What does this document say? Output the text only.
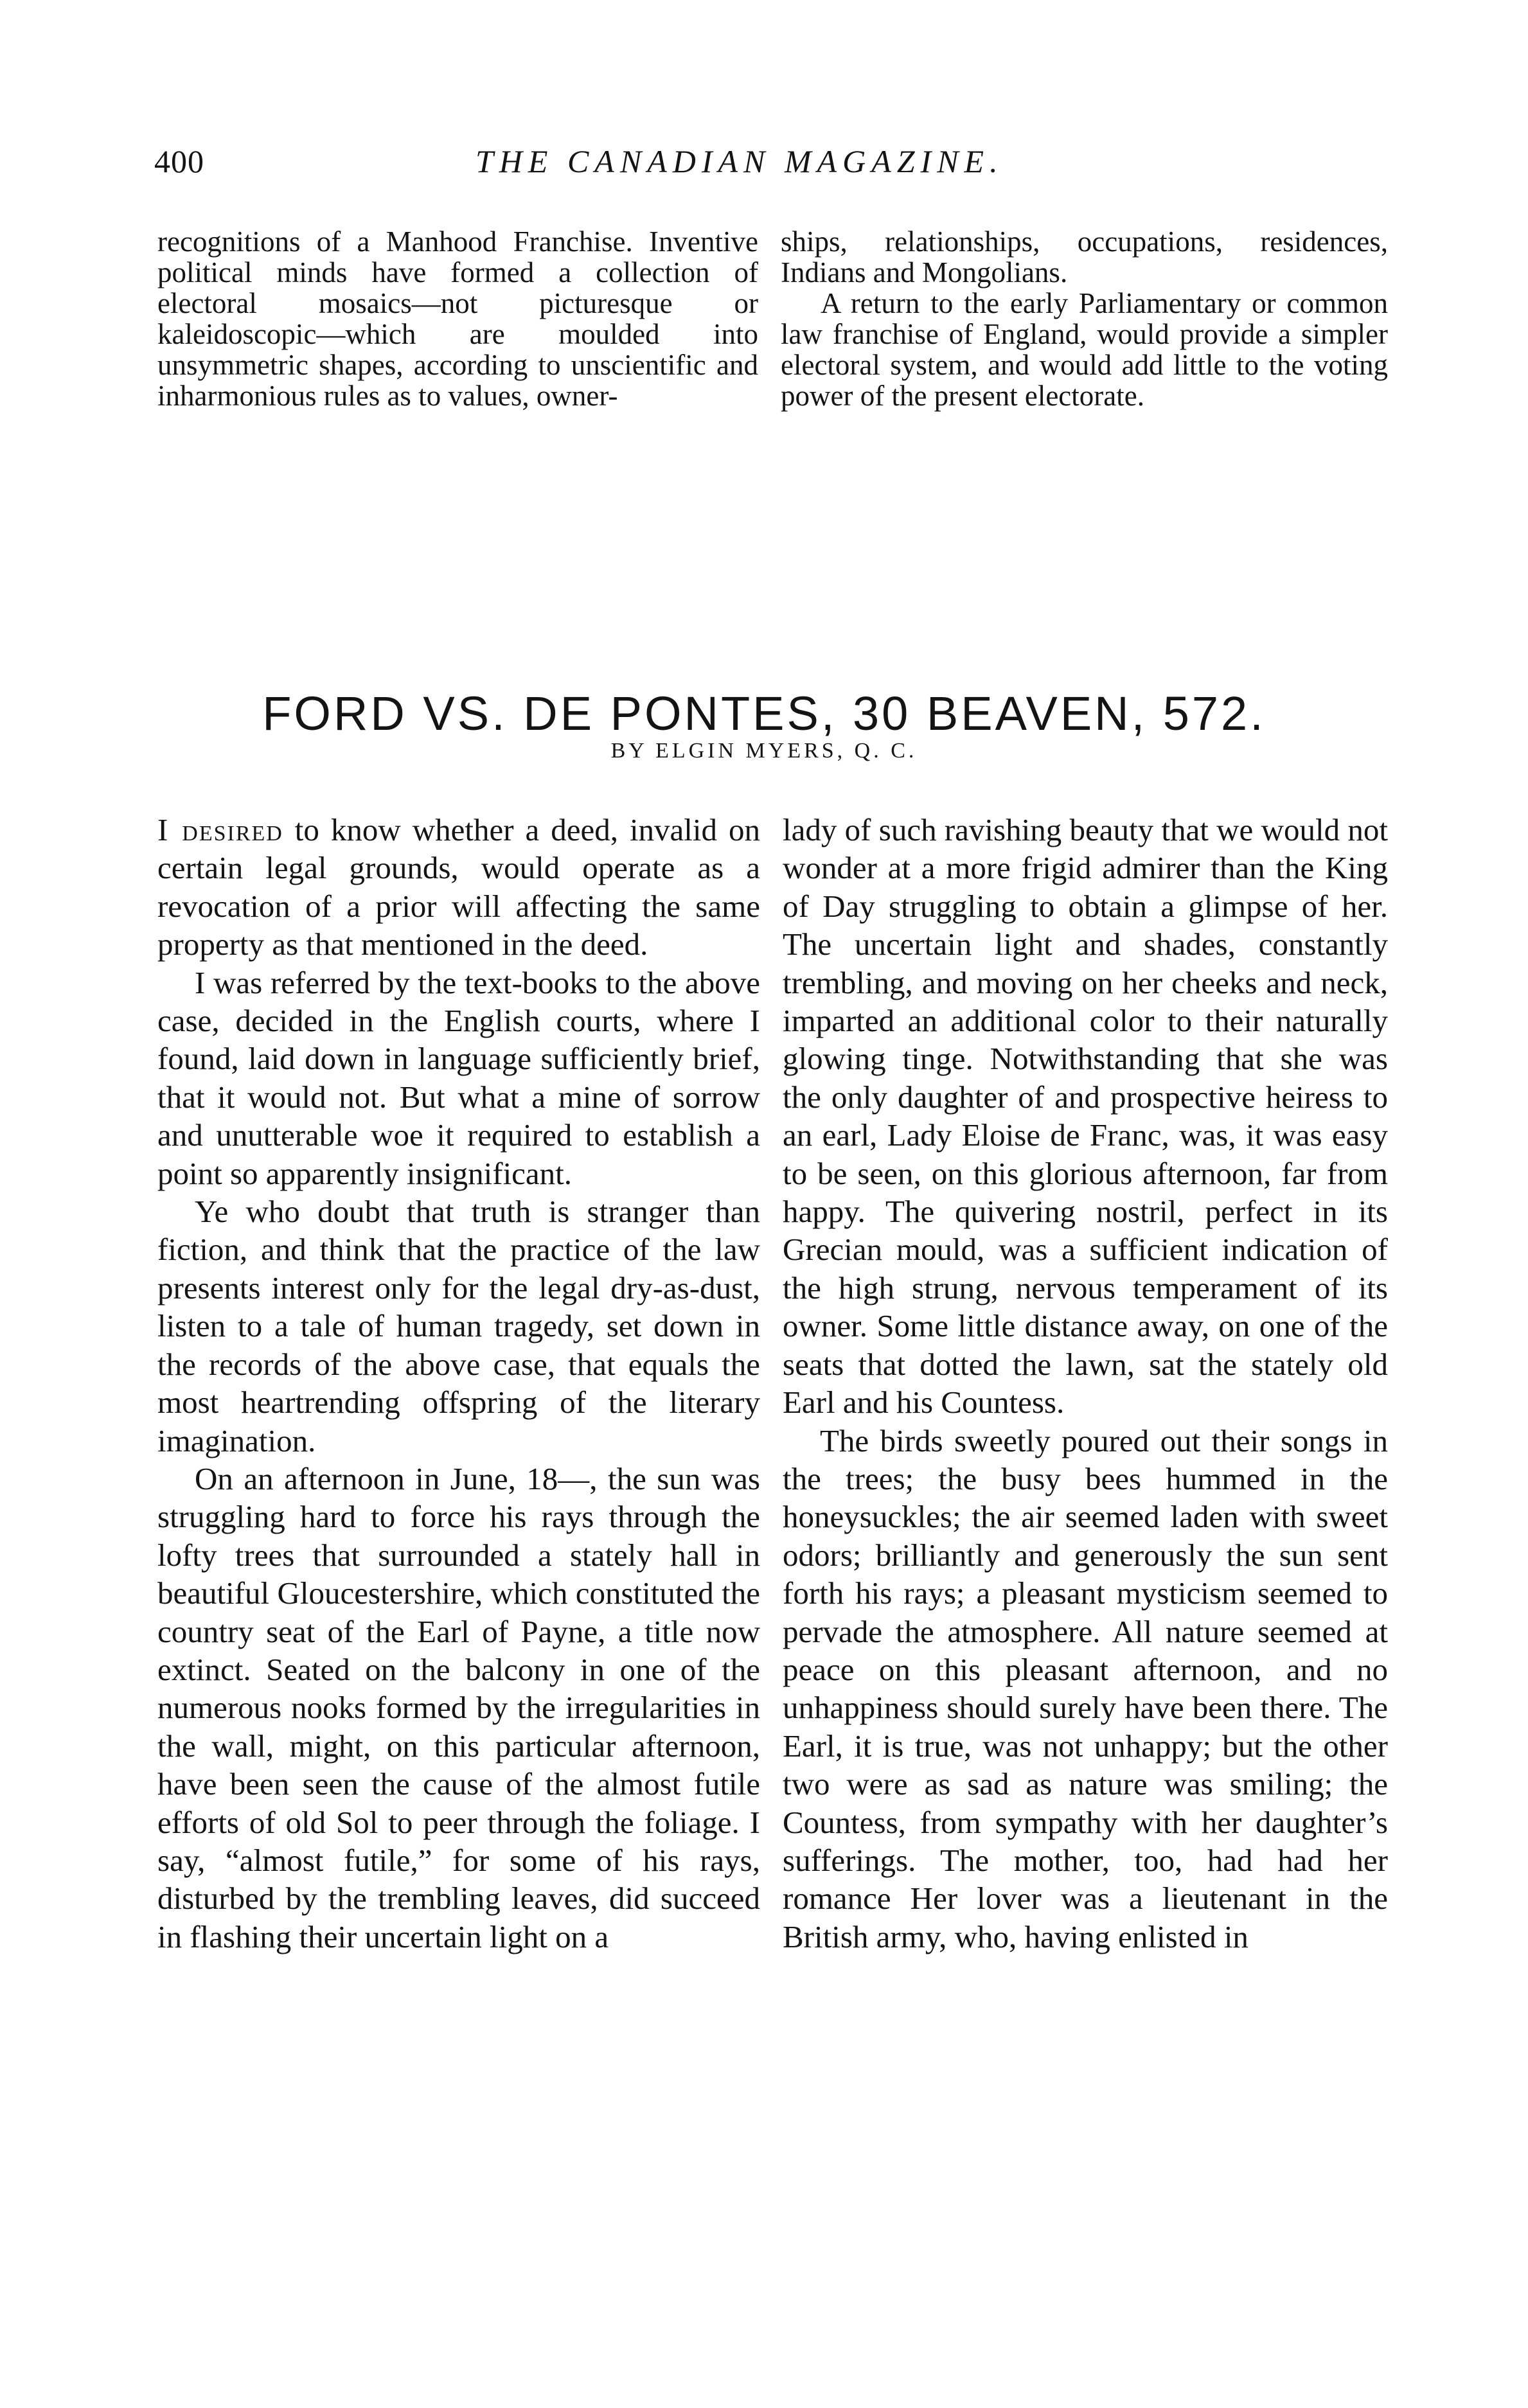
400	THE CANADIAN MAGAZINE.

recognitions of a Manhood Franchise. Inventive political minds have formed a collection of electoral mosaics—not picturesque or kaleidoscopic—which are moulded into unsymmetric shapes, according to unscientific and inharmonious rules as to values, owner-

ships, relationships, occupations, residences, Indians and Mongolians.

A return to the early Parliamentary or common law franchise of England, would provide a simpler electoral system, and would add little to the voting power of the present electorate.

FORD VS. DE PONTES, 30 BEAVEN, 572.
BY ELGIN MYERS, Q. C.

I desired to know whether a deed, invalid on certain legal grounds, would operate as a revocation of a prior will affecting the same property as that mentioned in the deed.

I was referred by the text-books to the above case, decided in the English courts, where I found, laid down in language sufficiently brief, that it would not. But what a mine of sorrow and unutterable woe it required to establish a point so apparently insignificant.

Ye who doubt that truth is stranger than fiction, and think that the practice of the law presents interest only for the legal dry-as-dust, listen to a tale of human tragedy, set down in the records of the above case, that equals the most heartrending offspring of the literary imagination.

On an afternoon in June, 18—, the sun was struggling hard to force his rays through the lofty trees that surrounded a stately hall in beautiful Gloucestershire, which constituted the country seat of the Earl of Payne, a title now extinct. Seated on the balcony in one of the numerous nooks formed by the irregularities in the wall, might, on this particular afternoon, have been seen the cause of the almost futile efforts of old Sol to peer through the foliage. I say, “almost futile,” for some of his rays, disturbed by the trembling leaves, did succeed in flashing their uncertain light on a

lady of such ravishing beauty that we would not wonder at a more frigid admirer than the King of Day struggling to obtain a glimpse of her. The uncertain light and shades, constantly trembling, and moving on her cheeks and neck, imparted an additional color to their naturally glowing tinge. Notwithstanding that she was the only daughter of and prospective heiress to an earl, Lady Eloise de Franc, was, it was easy to be seen, on this glorious afternoon, far from happy. The quivering nostril, perfect in its Grecian mould, was a sufficient indication of the high strung, nervous temperament of its owner. Some little distance away, on one of the seats that dotted the lawn, sat the stately old Earl and his Countess.

The birds sweetly poured out their songs in the trees; the busy bees hummed in the honeysuckles; the air seemed laden with sweet odors; brilliantly and generously the sun sent forth his rays; a pleasant mysticism seemed to pervade the atmosphere. All nature seemed at peace on this pleasant afternoon, and no unhappiness should surely have been there. The Earl, it is true, was not unhappy; but the other two were as sad as nature was smiling; the Countess, from sympathy with her daughter’s sufferings. The mother, too, had had her romance Her lover was a lieutenant in the British army, who, having enlisted in
